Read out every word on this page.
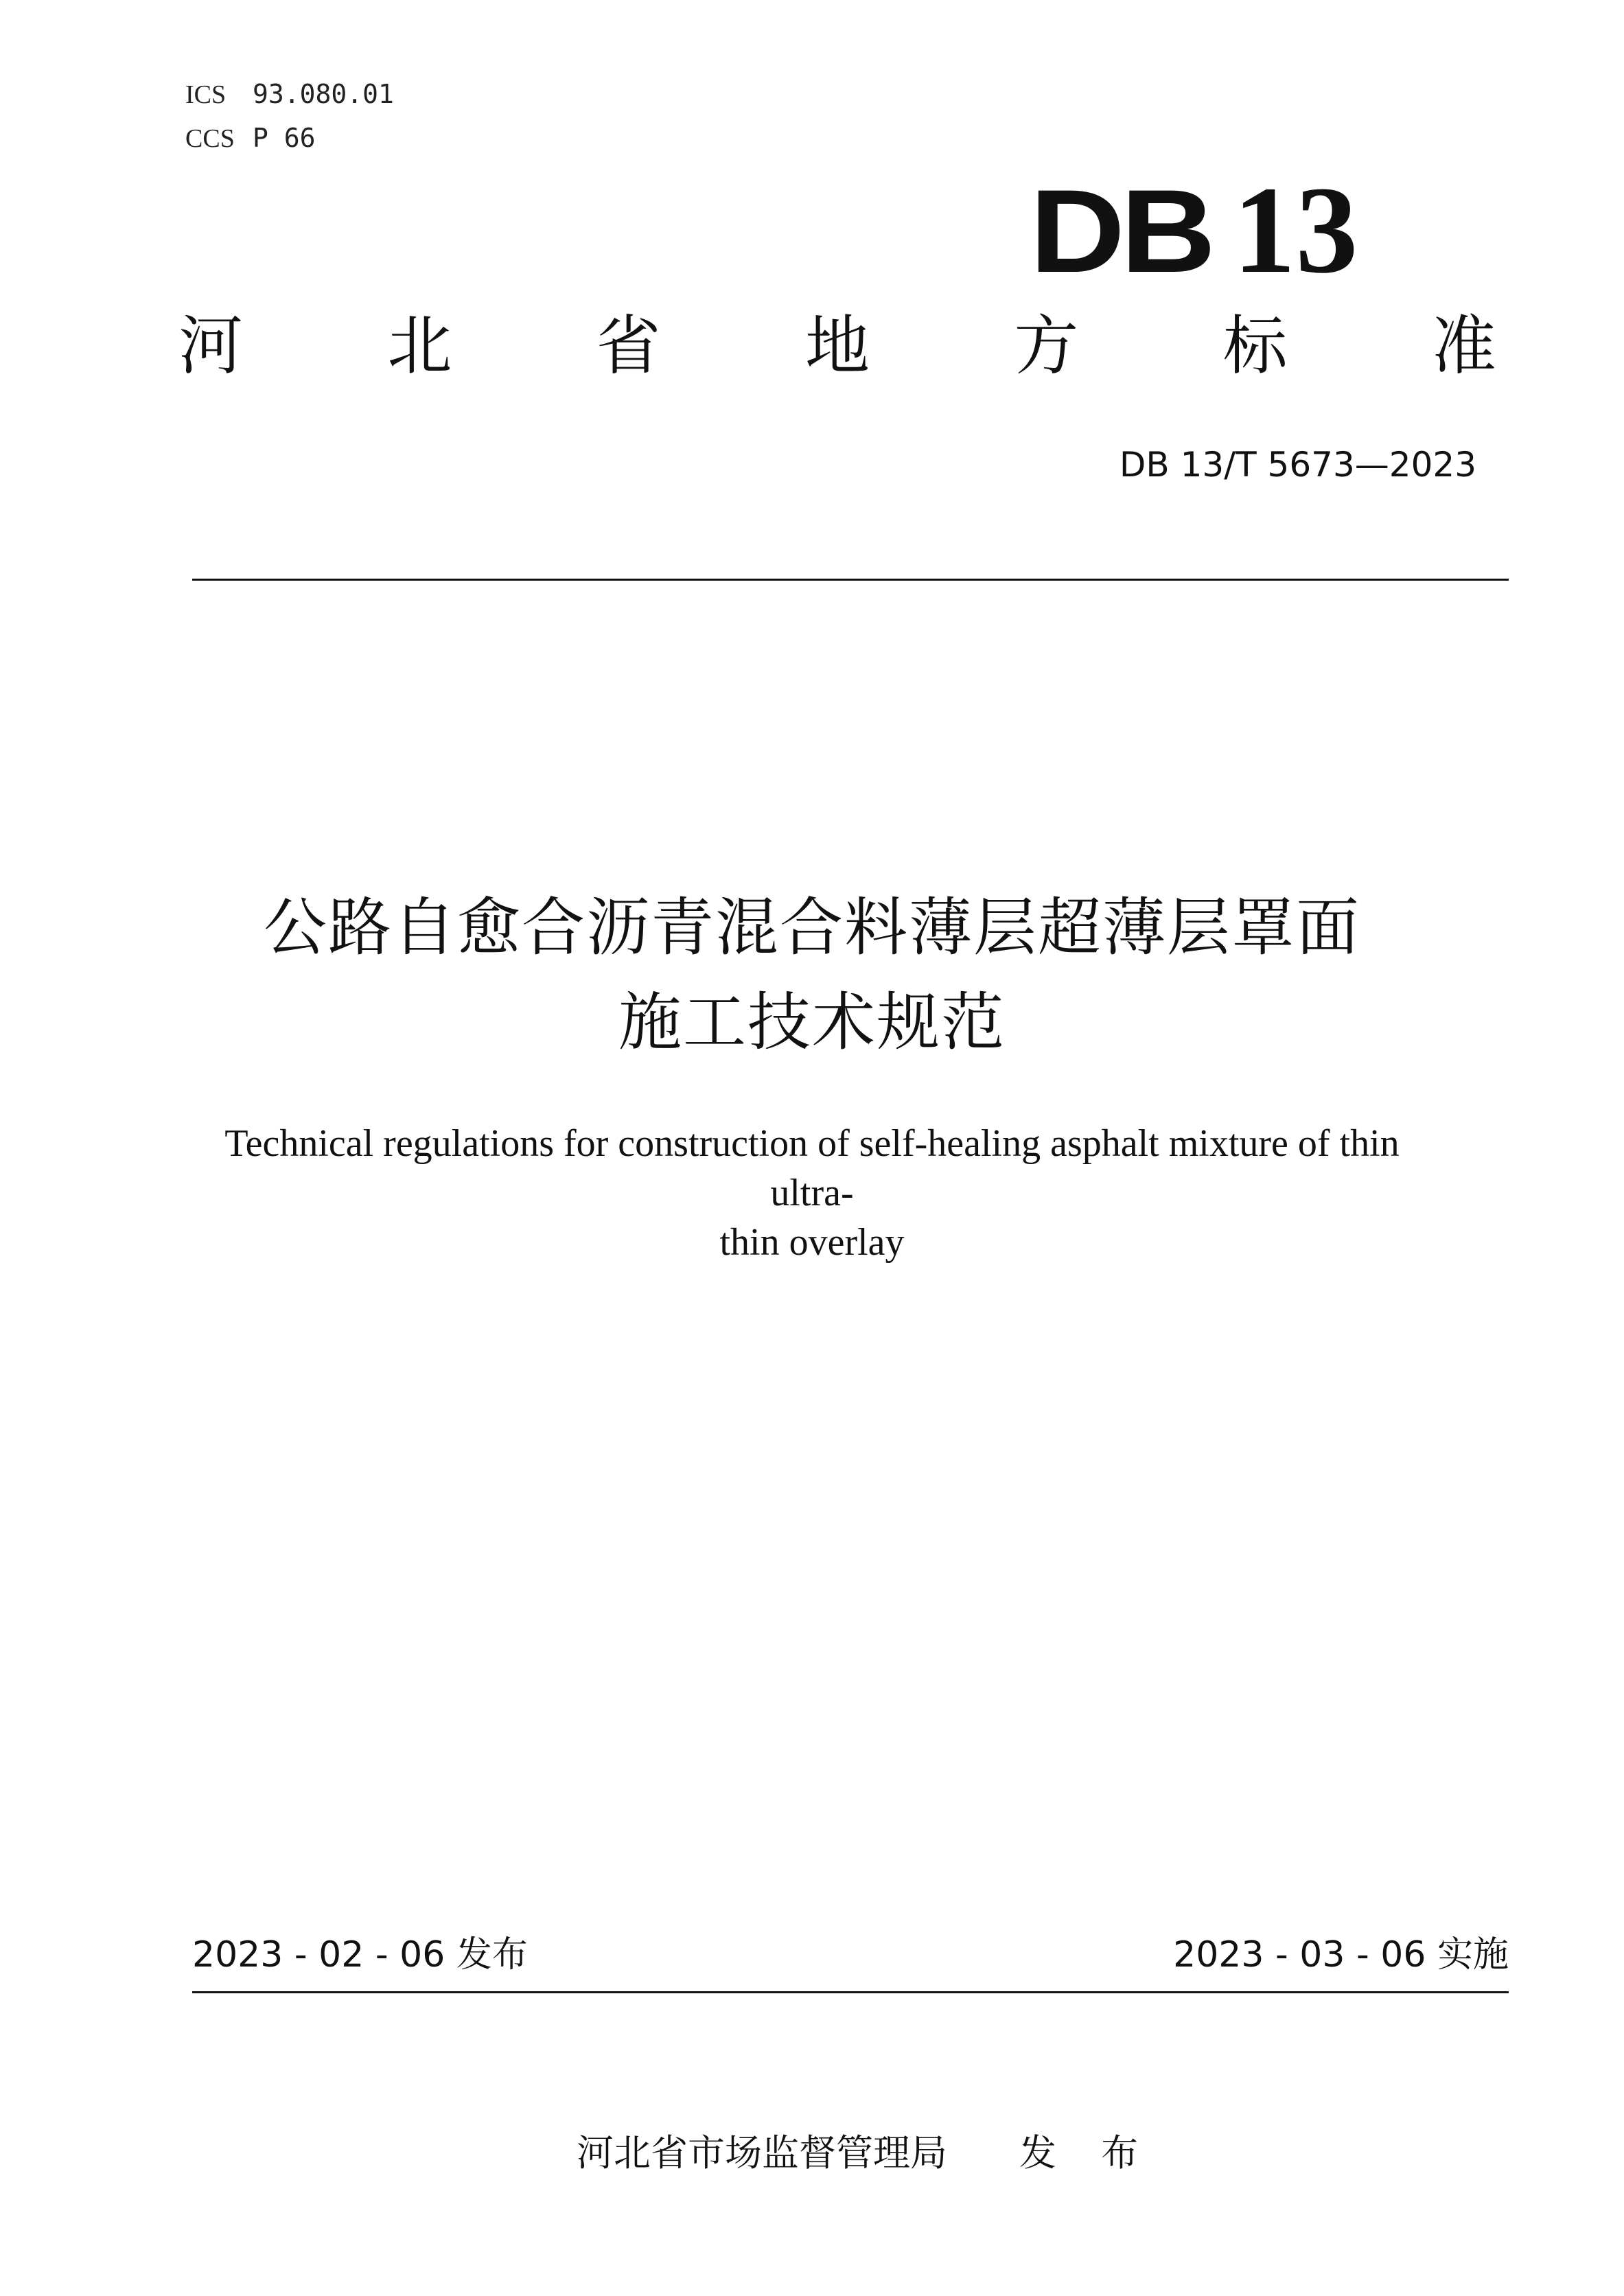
ICS 93.080.01
CCS P 66
DB 13
河 北 省 地 方 标 准
DB 13/T 5673—2023
公路自愈合沥青混合料薄层超薄层罩面
施工技术规范
Technical regulations for construction of self-healing asphalt mixture of thin ultra-
thin overlay
2023 - 02 - 06 发布	2023 - 03 - 06 实施
河北省市场监督管理局 发 布
